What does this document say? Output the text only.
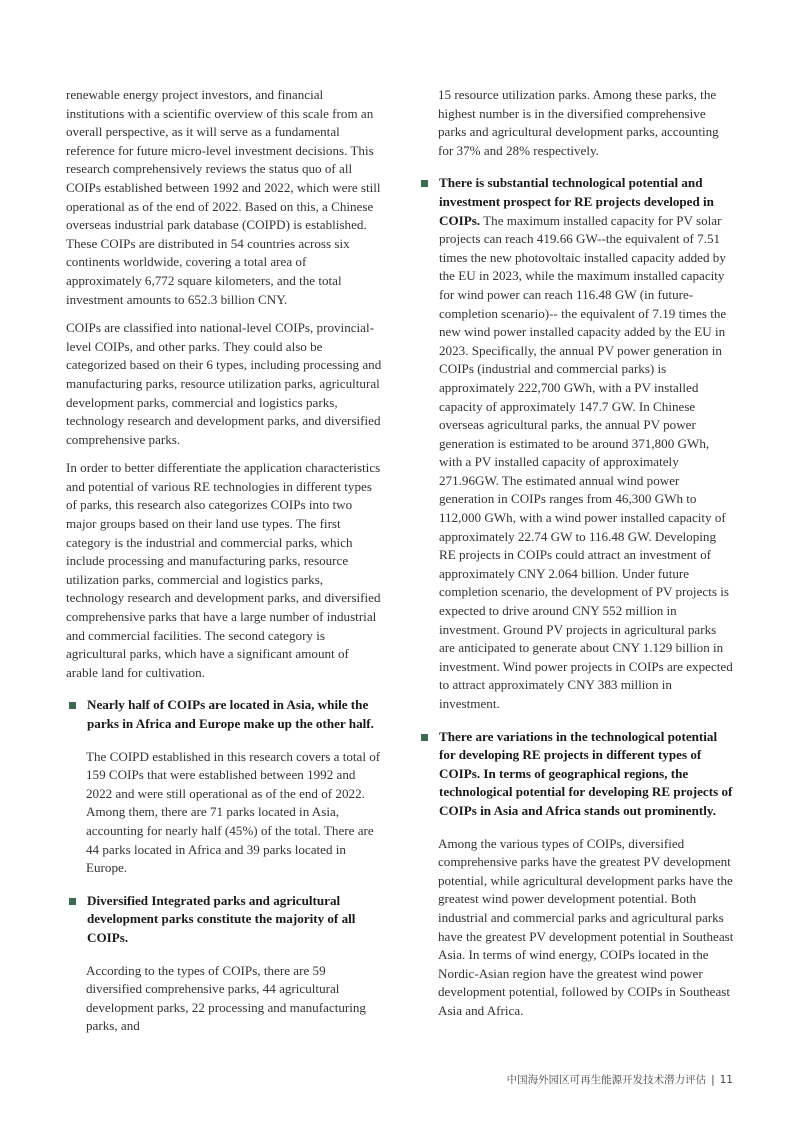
renewable energy project investors, and financial institutions with a scientific overview of this scale from an overall perspective, as it will serve as a fundamental reference for future micro-level investment decisions. This research comprehensively reviews the status quo of all COIPs established between 1992 and 2022, which were still operational as of the end of 2022. Based on this, a Chinese overseas industrial park database (COIPD) is established. These COIPs are distributed in 54 countries across six continents worldwide, covering a total area of approximately 6,772 square kilometers, and the total investment amounts to 652.3 billion CNY.

COIPs are classified into national-level COIPs, provincial-level COIPs, and other parks. They could also be categorized based on their 6 types, including processing and manufacturing parks, resource utilization parks, agricultural development parks, commercial and logistics parks, technology research and development parks, and diversified comprehensive parks.

In order to better differentiate the application characteristics and potential of various RE technologies in different types of parks, this research also categorizes COIPs into two major groups based on their land use types. The first category is the industrial and commercial parks, which include processing and manufacturing parks, resource utilization parks, commercial and logistics parks, technology research and development parks, and diversified comprehensive parks that have a large number of industrial and commercial facilities. The second category is agricultural parks, which have a significant amount of arable land for cultivation.

Nearly half of COIPs are located in Asia, while the parks in Africa and Europe make up the other half.

The COIPD established in this research covers a total of 159 COIPs that were established between 1992 and 2022 and were still operational as of the end of 2022. Among them, there are 71 parks located in Asia, accounting for nearly half (45%) of the total. There are 44 parks located in Africa and 39 parks located in Europe.

Diversified Integrated parks and agricultural development parks constitute the majority of all COIPs.

According to the types of COIPs, there are 59 diversified comprehensive parks, 44 agricultural development parks, 22 processing and manufacturing parks, and

15 resource utilization parks. Among these parks, the highest number is in the diversified comprehensive parks and agricultural development parks, accounting for 37% and 28% respectively.

There is substantial technological potential and investment prospect for RE projects developed in COIPs. The maximum installed capacity for PV solar projects can reach 419.66 GW--the equivalent of 7.51 times the new photovoltaic installed capacity added by the EU in 2023, while the maximum installed capacity for wind power can reach 116.48 GW (in future-completion scenario)-- the equivalent of 7.19 times the new wind power installed capacity added by the EU in 2023. Specifically, the annual PV power generation in COIPs (industrial and commercial parks) is approximately 222,700 GWh, with a PV installed capacity of approximately 147.7 GW. In Chinese overseas agricultural parks, the annual PV power generation is estimated to be around 371,800 GWh, with a PV installed capacity of approximately 271.96GW. The estimated annual wind power generation in COIPs ranges from 46,300 GWh to 112,000 GWh, with a wind power installed capacity of approximately 22.74 GW to 116.48 GW. Developing RE projects in COIPs could attract an investment of approximately CNY 2.064 billion. Under future completion scenario, the development of PV projects is expected to drive around CNY 552 million in investment. Ground PV projects in agricultural parks are anticipated to generate about CNY 1.129 billion in investment. Wind power projects in COIPs are expected to attract approximately CNY 383 million in investment.
There are variations in the technological potential for developing RE projects in different types of COIPs. In terms of geographical regions, the technological potential for developing RE projects of COIPs in Asia and Africa stands out prominently.

Among the various types of COIPs, diversified comprehensive parks have the greatest PV development potential, while agricultural development parks have the greatest wind power development potential. Both industrial and commercial parks and agricultural parks have the greatest PV development potential in Southeast Asia. In terms of wind energy, COIPs located in the Nordic-Asian region have the greatest wind power development potential, followed by COIPs in Southeast Asia and Africa.

中国海外园区可再生能源开发技术潜力评估 | 11
